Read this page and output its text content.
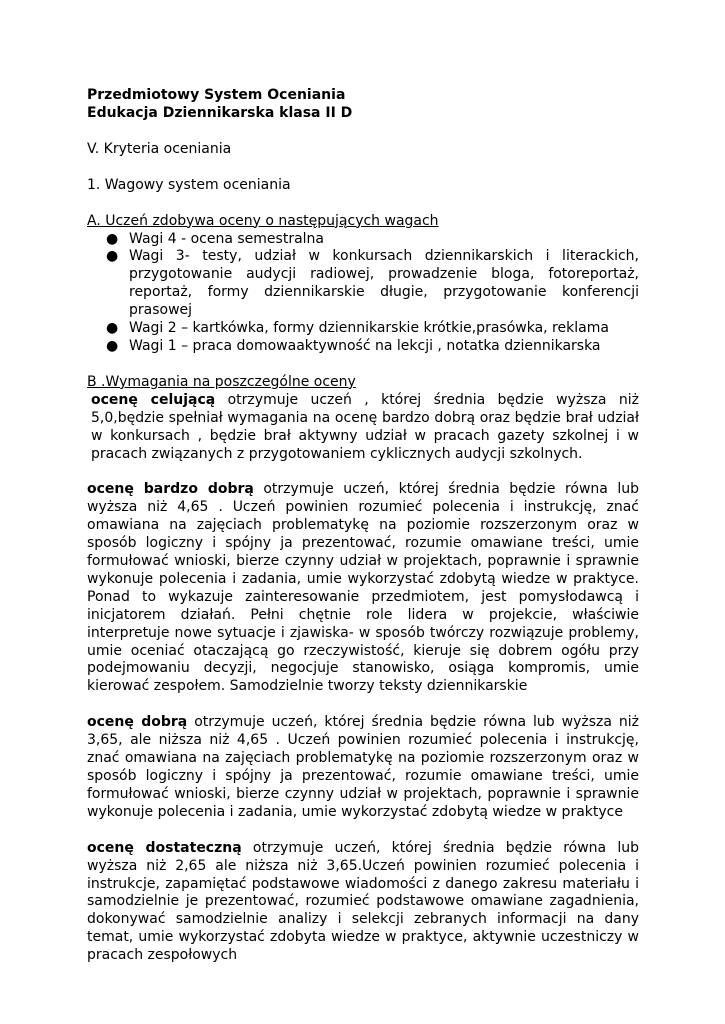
Przedmiotowy System Oceniania

Edukacja Dziennikarska klasa II D

V. Kryteria oceniania

1. Wagowy system oceniania

A. Uczeń zdobywa oceny o następujących wagach

● Wagi 4 - ocena semestralna
● Wagi 3- testy, udział w konkursach dziennikarskich i literackich, przygotowanie audycji radiowej, prowadzenie bloga, fotoreportaż, reportaż, formy dziennikarskie długie, przygotowanie konferencji prasowej
● Wagi 2 – kartkówka, formy dziennikarskie krótkie,prasówka, reklama
● Wagi 1 – praca domowaaktywność na lekcji , notatka dziennikarska

B .Wymagania na poszczególne oceny

ocenę celującą otrzymuje uczeń , której średnia będzie wyższa niż 5,0,będzie spełniał wymagania na ocenę bardzo dobrą oraz będzie brał udział w konkursach , będzie brał aktywny udział w pracach gazety szkolnej i w pracach związanych z przygotowaniem cyklicznych audycji szkolnych.

ocenę bardzo dobrą otrzymuje uczeń, której średnia będzie równa lub wyższa niż 4,65 . Uczeń powinien rozumieć polecenia i instrukcję, znać omawiana na zajęciach problematykę na poziomie rozszerzonym oraz w sposób logiczny i spójny ja prezentować, rozumie omawiane treści, umie formułować wnioski, bierze czynny udział w projektach, poprawnie i sprawnie wykonuje polecenia i zadania, umie wykorzystać zdobytą wiedze w praktyce. Ponad to wykazuje zainteresowanie przedmiotem, jest pomysłodawcą i inicjatorem działań. Pełni chętnie role lidera w projekcie, właściwie interpretuje nowe sytuacje i zjawiska- w sposób twórczy rozwiązuje problemy, umie oceniać otaczającą go rzeczywistość, kieruje się dobrem ogółu przy podejmowaniu decyzji, negocjuje stanowisko, osiąga kompromis, umie kierować zespołem. Samodzielnie tworzy teksty dziennikarskie

ocenę dobrą otrzymuje uczeń, której średnia będzie równa lub wyższa niż 3,65, ale niższa niż 4,65 . Uczeń powinien rozumieć polecenia i instrukcję, znać omawiana na zajęciach problematykę na poziomie rozszerzonym oraz w sposób logiczny i spójny ja prezentować, rozumie omawiane treści, umie formułować wnioski, bierze czynny udział w projektach, poprawnie i sprawnie wykonuje polecenia i zadania, umie wykorzystać zdobytą wiedze w praktyce

ocenę dostateczną otrzymuje uczeń, której średnia będzie równa lub wyższa niż 2,65 ale niższa niż 3,65.Uczeń powinien rozumieć polecenia i instrukcje, zapamiętać podstawowe wiadomości z danego zakresu materiału i samodzielnie je prezentować, rozumieć podstawowe omawiane zagadnienia, dokonywać samodzielnie analizy i selekcji zebranych informacji na dany temat, umie wykorzystać zdobyta wiedze w praktyce, aktywnie uczestniczy w pracach zespołowych
